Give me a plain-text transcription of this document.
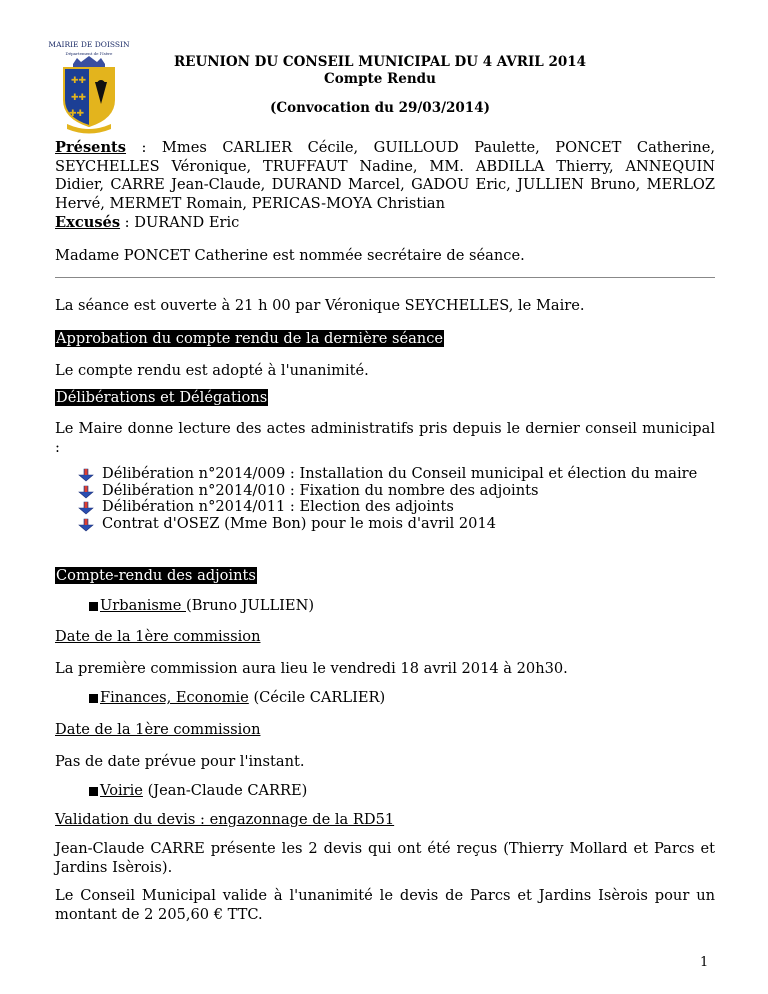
MAIRIE DE DOISSIN
Département de l'Isère
✚✚
✚✚
✚✚
REUNION DU CONSEIL MUNICIPAL DU 4 AVRIL 2014
Compte Rendu
(Convocation du 29/03/2014)
Présents : Mmes CARLIER Cécile, GUILLOUD Paulette, PONCET Catherine, SEYCHELLES Véronique, TRUFFAUT Nadine, MM. ABDILLA Thierry, ANNEQUIN Didier, CARRE Jean-Claude, DURAND Marcel, GADOU Eric, JULLIEN Bruno, MERLOZ Hervé, MERMET Romain, PERICAS-MOYA Christian
Excusés : DURAND Eric
Madame PONCET Catherine est nommée secrétaire de séance.
La séance est ouverte à 21 h 00 par Véronique SEYCHELLES, le Maire.
Approbation du compte rendu de la dernière séance
Le compte rendu est adopté à l'unanimité.
Délibérations et Délégations
Le Maire donne lecture des actes administratifs pris depuis le dernier conseil municipal :
Délibération n°2014/009 : Installation du Conseil municipal et élection du maire
Délibération n°2014/010 : Fixation du nombre des adjoints
Délibération n°2014/011 : Election des adjoints
Contrat d'OSEZ (Mme Bon) pour le mois d'avril 2014
Compte-rendu des adjoints
Urbanisme (Bruno JULLIEN)
Date de la 1ère commission
La première commission aura lieu le vendredi 18 avril 2014 à 20h30.
Finances, Economie (Cécile CARLIER)
Date de la 1ère commission
Pas de date prévue pour l'instant.
Voirie (Jean-Claude CARRE)
Validation du devis : engazonnage de la RD51
Jean-Claude CARRE présente les 2 devis qui ont été reçus (Thierry Mollard et Parcs et Jardins Isèrois).
Le Conseil Municipal valide à l'unanimité le devis de Parcs et Jardins Isèrois pour un montant de 2 205,60 € TTC.
1
